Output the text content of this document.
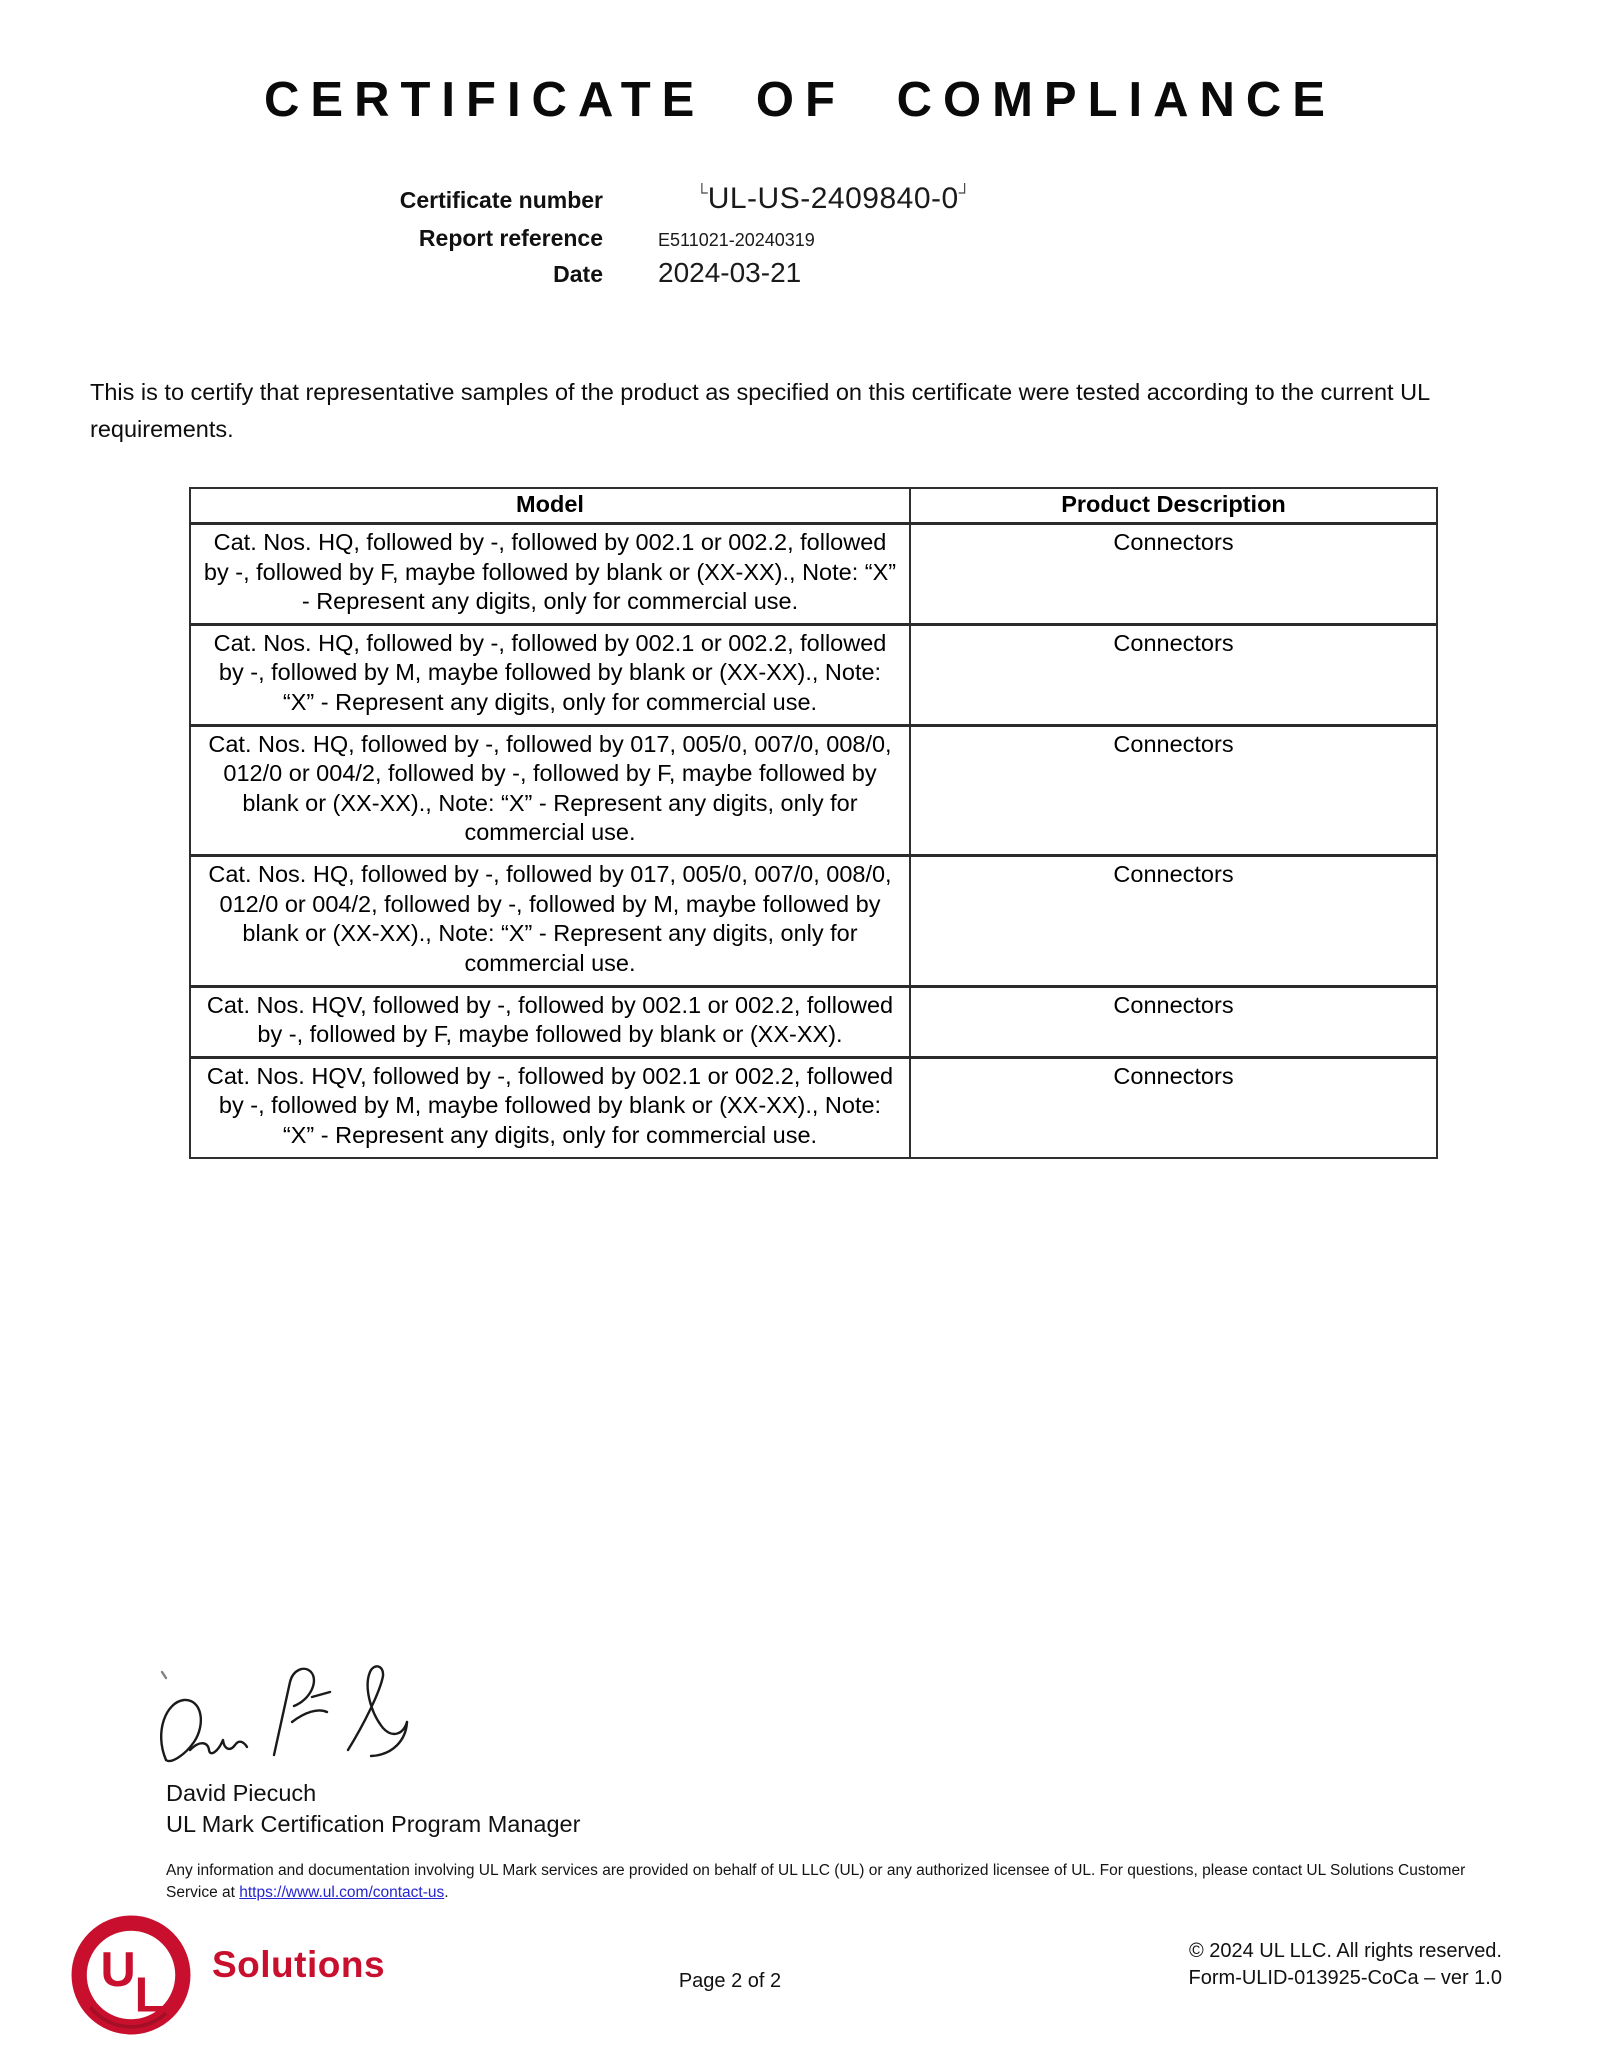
CERTIFICATE OF COMPLIANCE
Certificate number	└UL-US-2409840-0┘
Report reference	E511021-20240319
Date 2024-03-21

This is to certify that representative samples of the product as specified on this certificate were tested according to the current UL requirements.

Model	Product Description
Cat. Nos. HQ, followed by -, followed by 002.1 or 002.2, followed by -, followed by F, maybe followed by blank or (XX-XX)., Note: “X” - Represent any digits, only for commercial use.	Connectors
Cat. Nos. HQ, followed by -, followed by 002.1 or 002.2, followed by -, followed by M, maybe followed by blank or (XX-XX)., Note: “X” - Represent any digits, only for commercial use.	Connectors
Cat. Nos. HQ, followed by -, followed by 017, 005/0, 007/0, 008/0, 012/0 or 004/2, followed by -, followed by F, maybe followed by blank or (XX-XX)., Note: “X” - Represent any digits, only for commercial use.	Connectors
Cat. Nos. HQ, followed by -, followed by 017, 005/0, 007/0, 008/0, 012/0 or 004/2, followed by -, followed by M, maybe followed by blank or (XX-XX)., Note: “X” - Represent any digits, only for commercial use.	Connectors
Cat. Nos. HQV, followed by -, followed by 002.1 or 002.2, followed by -, followed by F, maybe followed by blank or (XX-XX).	Connectors
Cat. Nos. HQV, followed by -, followed by 002.1 or 002.2, followed by -, followed by M, maybe followed by blank or (XX-XX)., Note: “X” - Represent any digits, only for commercial use.	Connectors
David Piecuch
UL Mark Certification Program Manager

Any information and documentation involving UL Mark services are provided on behalf of UL LLC (UL) or any authorized licensee of UL. For questions, please contact UL Solutions Customer Service at https://www.ul.com/contact-us.

U
L
Solutions	Page 2 of 2
© 2024 UL LLC. All rights reserved.
Form-ULID-013925-CoCa – ver 1.0
